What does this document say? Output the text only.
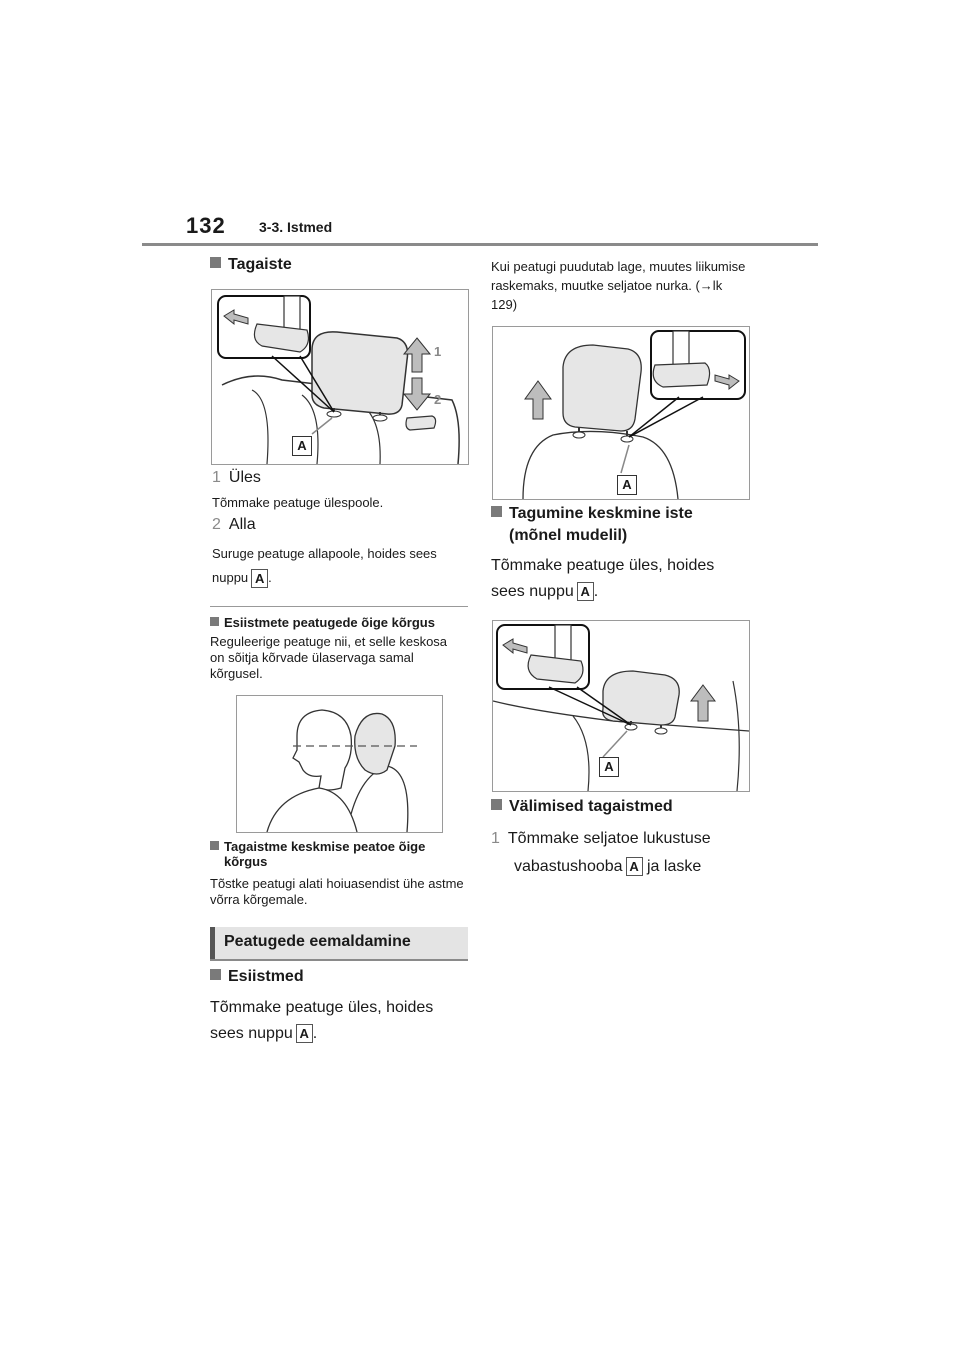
132 3-3. Istmed
Tagaiste
1
2
A
1 Üles
Tõmmake peatuge ülespoole.
2 Alla
Suruge peatuge allapoole, hoides sees
nuppu A .
Esiistmete peatugede õige kõrgus
Reguleerige peatuge nii, et selle keskosa on sõitja kõrvade ülaservaga samal kõrgusel.
Tagaistme keskmise peatoe õige
kõrgus
Tõstke peatugi alati hoiuasendist ühe astme võrra kõrgemale.
Peatugede eemaldamine
Esiistmed
Tõmmake peatuge üles, hoides
sees nuppu A .
Kui peatugi puudutab lage, muutes liikumise raskemaks, muutke seljatoe nurka. (→lk 129)
A
Tagumine keskmine iste
(mõnel mudelil)
Tõmmake peatuge üles, hoides
sees nuppu A .
A
Välimised tagaistmed
1 Tõmmake seljatoe lukustuse
vabastushooba A ja laske
